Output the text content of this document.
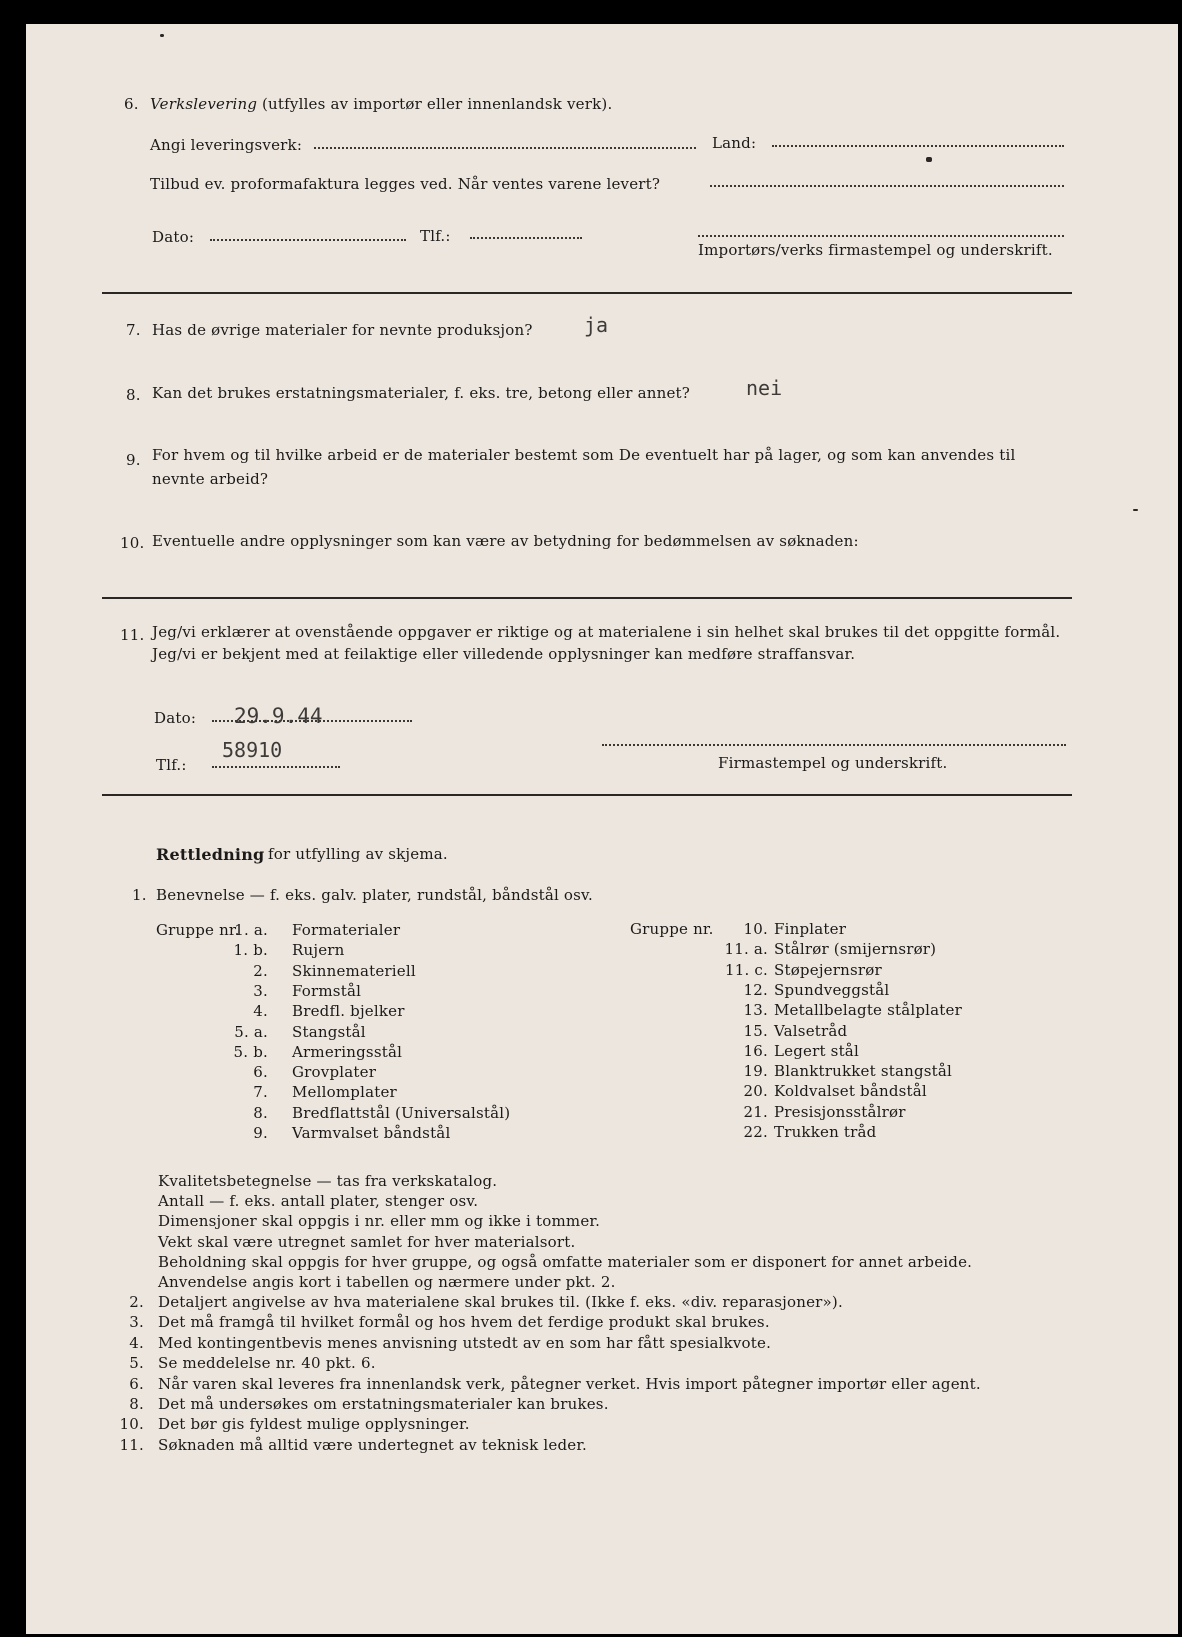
6. Verkslevering (utfylles av importør eller innenlandsk verk).
Angi leveringsverk:	Land:
Tilbud ev. proformafaktura legges ved. Når ventes varene levert?
Dato:	Tlf.:
Importørs/verks firmastempel og underskrift.
7. Has de øvrige materialer for nevnte produksjon?	ja
8. Kan det brukes erstatningsmaterialer, f. eks. tre, betong eller annet?	nei
9. For hvem og til hvilke arbeid er de materialer bestemt som De eventuelt har på lager, og som kan anvendes til
nevnte arbeid?
10. Eventuelle andre opplysninger som kan være av betydning for bedømmelsen av søknaden:
11. Jeg/vi erklærer at ovenstående oppgaver er riktige og at materialene i sin helhet skal brukes til det oppgitte formål.
Jeg/vi er bekjent med at feilaktige eller villedende opplysninger kan medføre straffansvar.
Dato: 29.9.44
Tlf.:
58910
Firmastempel og underskrift.
Rettledning for utfylling av skjema.
1. Benevnelse — f. eks. galv. plater, rundstål, båndstål osv.
Gruppe nr.	Gruppe nr.
1. a. Formaterialer
1. b. Rujern
2. Skinnemateriell
3. Formstål
4. Bredfl. bjelker
5. a. Stangstål
5. b. Armeringsstål
6. Grovplater
7. Mellomplater
8. Bredflattstål (Universalstål)
9. Varmvalset båndstål
10. Finplater
11. a. Stålrør (smijernsrør)
11. c. Støpejernsrør
12. Spundveggstål
13. Metallbelagte stålplater
15. Valsetråd
16. Legert stål
19. Blanktrukket stangstål
20. Koldvalset båndstål
21. Presisjonsstålrør
22. Trukken tråd
Kvalitetsbetegnelse — tas fra verkskatalog.
Antall — f. eks. antall plater, stenger osv.
Dimensjoner skal oppgis i nr. eller mm og ikke i tommer.
Vekt skal være utregnet samlet for hver materialsort.
Beholdning skal oppgis for hver gruppe, og også omfatte materialer som er disponert for annet arbeide.
Anvendelse angis kort i tabellen og nærmere under pkt. 2.
2. Detaljert angivelse av hva materialene skal brukes til. (Ikke f. eks. «div. reparasjoner»).
3. Det må framgå til hvilket formål og hos hvem det ferdige produkt skal brukes.
4. Med kontingentbevis menes anvisning utstedt av en som har fått spesialkvote.
5. Se meddelelse nr. 40 pkt. 6.
6. Når varen skal leveres fra innenlandsk verk, påtegner verket. Hvis import påtegner importør eller agent.
8. Det må undersøkes om erstatningsmaterialer kan brukes.
10. Det bør gis fyldest mulige opplysninger.
11. Søknaden må alltid være undertegnet av teknisk leder.
